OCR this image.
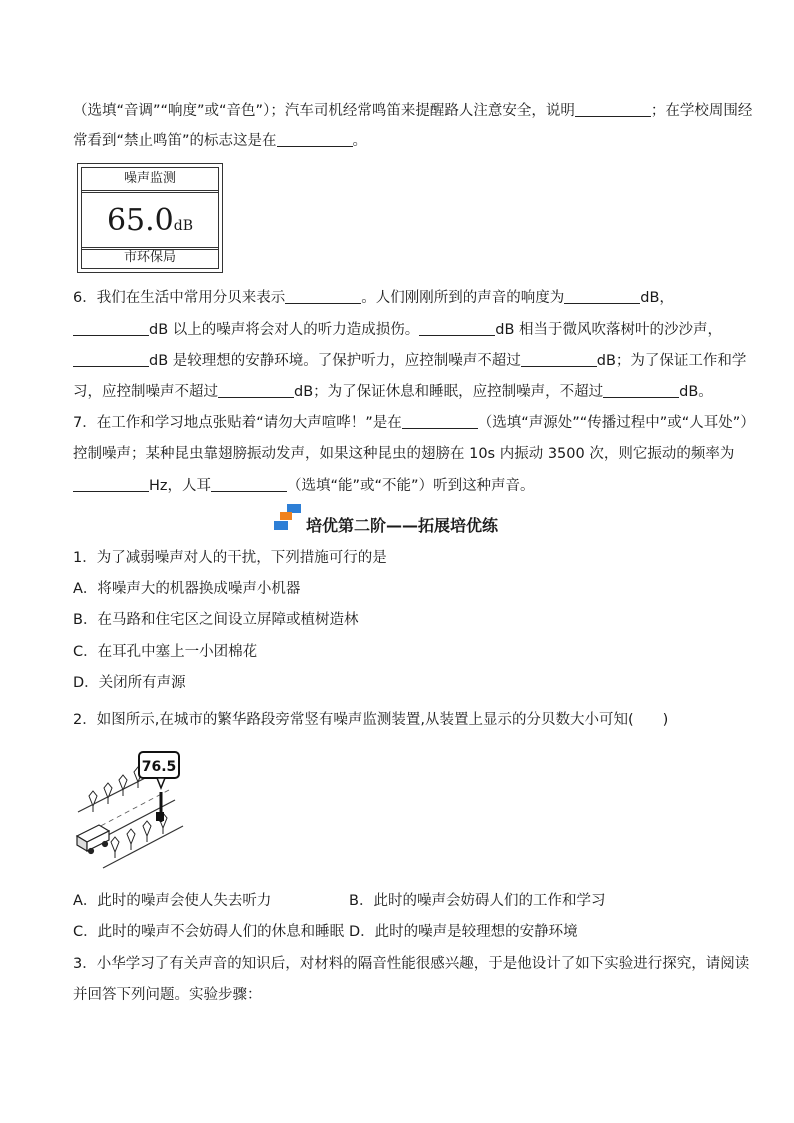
（选填“音调”“响度”或“音色”）；汽车司机经常鸣笛来提醒路人注意安全，说明	；在学校周围经
常看到“禁止鸣笛”的标志这是在	。
噪声监测
65.0dB
市环保局
6．我们在生活中常用分贝来表示	。人们刚刚所到的声音的响度为	dB，
dB 以上的噪声将会对人的听力造成损伤。	dB 相当于微风吹落树叶的沙沙声，
dB 是较理想的安静环境。了保护听力，应控制噪声不超过	dB；为了保证工作和学
习，应控制噪声不超过	dB；为了保证休息和睡眠，应控制噪声，不超过	dB。
7．在工作和学习地点张贴着“请勿大声喧哗！”是在	（选填“声源处”“传播过程中”或“人耳处”）
控制噪声；某种昆虫靠翅膀振动发声，如果这种昆虫的翅膀在 10s 内振动 3500 次，则它振动的频率为
Hz，人耳	（选填“能”或“不能”）听到这种声音。
培优第二阶——拓展培优练
1．为了减弱噪声对人的干扰，下列措施可行的是
A．将噪声大的机器换成噪声小机器
B．在马路和住宅区之间设立屏障或植树造林
C．在耳孔中塞上一小团棉花
D．关闭所有声源
2．如图所示,在城市的繁华路段旁常竖有噪声监测装置,从装置上显示的分贝数大小可知(　　)
76.5
A．此时的噪声会使人失去听力	B．此时的噪声会妨碍人们的工作和学习
C．此时的噪声不会妨碍人们的休息和睡眠 D．此时的噪声是较理想的安静环境
3．小华学习了有关声音的知识后，对材料的隔音性能很感兴趣，于是他设计了如下实验进行探究，请阅读
并回答下列问题。实验步骤：
